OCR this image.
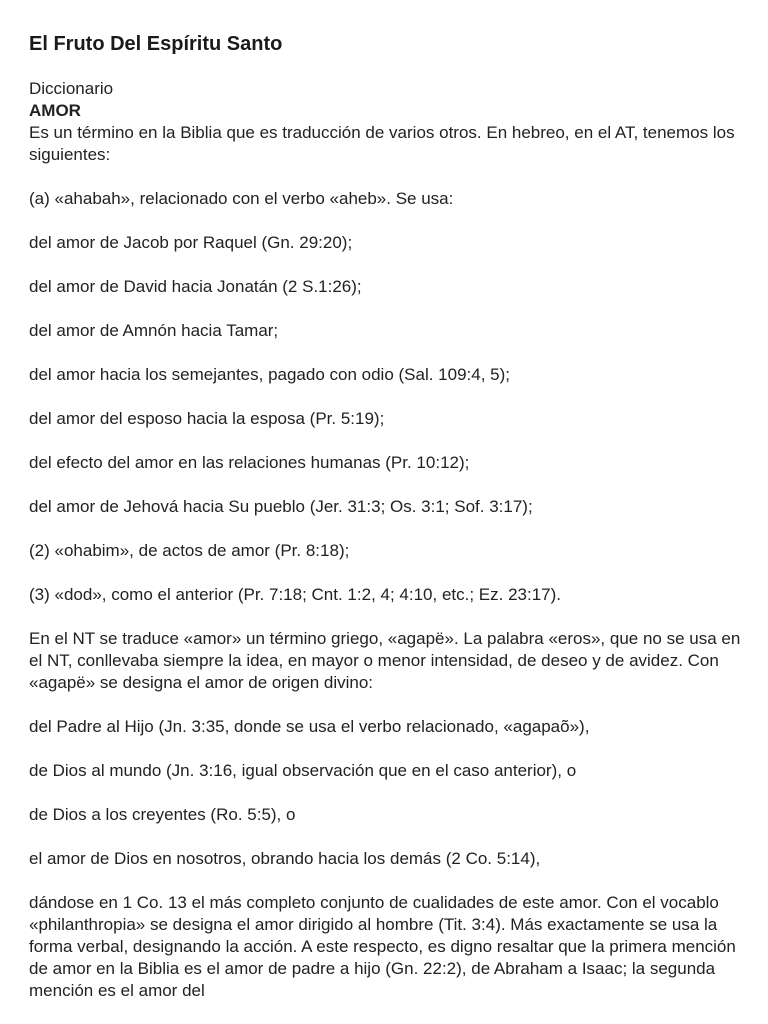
El Fruto Del Espíritu Santo

Diccionario

AMOR

Es un término en la Biblia que es traducción de varios otros. En hebreo, en el AT, tenemos los siguientes:

(a) «ahabah», relacionado con el verbo «aheb». Se usa:

del amor de Jacob por Raquel (Gn. 29:20);

del amor de David hacia Jonatán (2 S.1:26);

del amor de Amnón hacia Tamar;

del amor hacia los semejantes, pagado con odio (Sal. 109:4, 5);

del amor del esposo hacia la esposa (Pr. 5:19);

del efecto del amor en las relaciones humanas (Pr. 10:12);

del amor de Jehová hacia Su pueblo (Jer. 31:3; Os. 3:1; Sof. 3:17);

(2) «ohabim», de actos de amor (Pr. 8:18);

(3) «dod», como el anterior (Pr. 7:18; Cnt. 1:2, 4; 4:10, etc.; Ez. 23:17).

En el NT se traduce «amor» un término griego, «agapë». La palabra «eros», que no se usa en el NT, conllevaba siempre la idea, en mayor o menor intensidad, de deseo y de avidez. Con «agapë» se designa el amor de origen divino:

del Padre al Hijo (Jn. 3:35, donde se usa el verbo relacionado, «agapaõ»),

de Dios al mundo (Jn. 3:16, igual observación que en el caso anterior), o

de Dios a los creyentes (Ro. 5:5), o

el amor de Dios en nosotros, obrando hacia los demás (2 Co. 5:14),

dándose en 1 Co. 13 el más completo conjunto de cualidades de este amor. Con el vocablo «philanthropia» se designa el amor dirigido al hombre (Tit. 3:4). Más exactamente se usa la forma verbal, designando la acción. A este respecto, es digno resaltar que la primera mención de amor en la Biblia es el amor de padre a hijo (Gn. 22:2), de Abraham a Isaac; la segunda mención es el amor del
